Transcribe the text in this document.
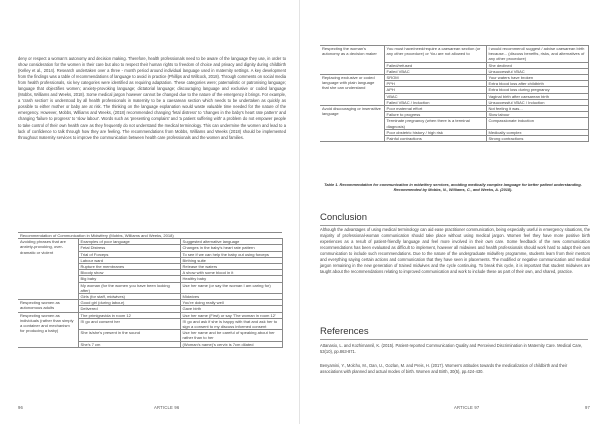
deny or respect a woman's autonomy and decision making. Therefore, health professionals need to be aware of the language they use, in order to show consideration for the women in their care but also to respect their human rights to freedom of choice and privacy and dignity during childbirth (Kelley et al., 2014). Research undertaken over a three - month period around individual language used in maternity settings. A key development from the findings was a table of recommendations of language to avoid in practice (Phillips and Willcock, 2018). Through comments on social media from health professionals, six key categories were identified as requiring adaptation. These categories were; paternalistic or patronising language; language that objectifies women; anxiety-provoking language; dictatorial language; discouraging language and exclusive or coded language (Mobbs, Williams and Weeks, 2018). Some medical jargon however cannot be changed due to the nature of the emergency it brings. For example, a 'crash section' is understood by all health professionals in maternity to be a caesarean section which needs to be undertaken as quickly as possible to either mother or baby are at risk. The thinking on the language explanation would waste valuable time needed for the nature of the emergency. However, Mobbs, Williams and Weeks, (2018) recommended changing 'fetal distress' to 'changes in the baby's heart rate pattern' and changing 'failure to progress' to 'slow labour'. Words such as 'presenting complaint' and 'a patient suffering with' a problem do not empower people to take control of their own health care as they frequently do not understand the medical terminology. This can undermine the women and lead to a lack of confidence to talk through how they are feeling. The recommendations from Mobbs, Williams and Weeks (2018) should be implemented throughout maternity services to improve the communication between health care professionals and the women and families.

Recommendation of Communication in Midwifery (Mobbs, Williams and Weeks, 2018)		
Avoiding phrases that are anxiety-provoking, over-dramatic or violent	Examples of poor language	Suggested alternative language
	Fetal Distress	Changes in the baby's heart rate pattern
	Trial of Forceps	To see if we can help the baby out using forceps
	Labour ward	Birthing suite
	Rupture the membranes	Release the waters
	Bloody show	A show with some blood in it
	Big baby	Healthy baby
	My woman (for the women you have been looking after)	Use her name (or say the woman I am caring for)
	Girls (for staff, midwives)	Midwives
Respecting women as autonomous adults	Good girl (during labour)	You're doing really well
	Delivered	Gave birth
Respecting women as individuals (rather than simply a container and mechanism for producing a baby)	The primigravida in room 12	Use her name (First) or say 'The woman in room 12'
	I'll go and consent her	I'll go and ask if she is happy with that and ask her to sign a consent to my discuss informed consent
	She is/she's present in the sound	Use her name and be careful of speaking about her rather than to her
	She's 7 cm	(Woman's name)'s cervix is 7cm dilated
96	ARTICLE 96
Respecting the woman's autonomy as a decision maker	You must have/need/require a caesarean section (or any other procedure) or You are not allowed to	I would recommend/ suggest / advise caesarean birth because... (discuss benefits, risks, and alternatives of any other procedure)
	Failed/refused	She declined
	Failed VBAC	Unsuccessful VBAC
Replacing exclusive or coded language with plain language that she can understand	SROM	Your waters have broken
	PPH	Extra blood loss after childbirth
	APH	Extra blood loss during pregnancy
	VBAC	Vaginal birth after caesarean birth
	Failed VBAC / Induction	Unsuccessful VBAC / Induction
Avoid discouraging or insensitive language	Poor maternal effort	Not feeling it was...
	Failure to progress	Slow labour
	Terminate pregnancy (when there is a terminal diagnosis)	Compassionate induction
	Poor obstetric history / high risk	Medically complex
	Painful contractions	Strong contractions

Table 1. Recommendation for communication in midwifery services, avoiding medically complex language for better patient understanding. Recommended by Mobbs, N., Williams, C., and Weeks, A. (2018).

Conclusion

Although the advantages of using medical terminology can aid ease practitioner communication, being especially useful in emergency situations, the majority of professional-woman communication should take place without using medical jargon. Women feel they have more positive birth experiences as a result of patient-friendly language and feel more involved in their own care. Some feedback of the new communication recommendations has been evaluated as difficult to implement, however all midwives and health professionals should work hard to adapt their own communication to include such recommendations. Due to the nature of the undergraduate midwifery programme, students learn from their mentors and everything saying certain actions and communication that they have seen in placements. The modified or negative communication and medical jargon remaining in the new generation of trained midwives and the cycle continuing. To break this cycle, it is important that student midwives are taught about the recommendations relating to improved communication and work to include these as part of their own, and shared, practice.

References

Attanasio, L. and Kozhimannil, K. (2015). Patient-reported Communication Quality and Perceived Discrimination in Maternity Care. Medical Care, 53(10), pp.863-871.

Benyamini, Y., Molcho, M., Dan, U., Gozlan, M. and Preis, H. (2017). Women's attitudes towards the medicalization of childbirth and their associations with planned and actual modes of birth. Women and Birth, 30(5), pp.424-430.

ARTICLE 97	97
